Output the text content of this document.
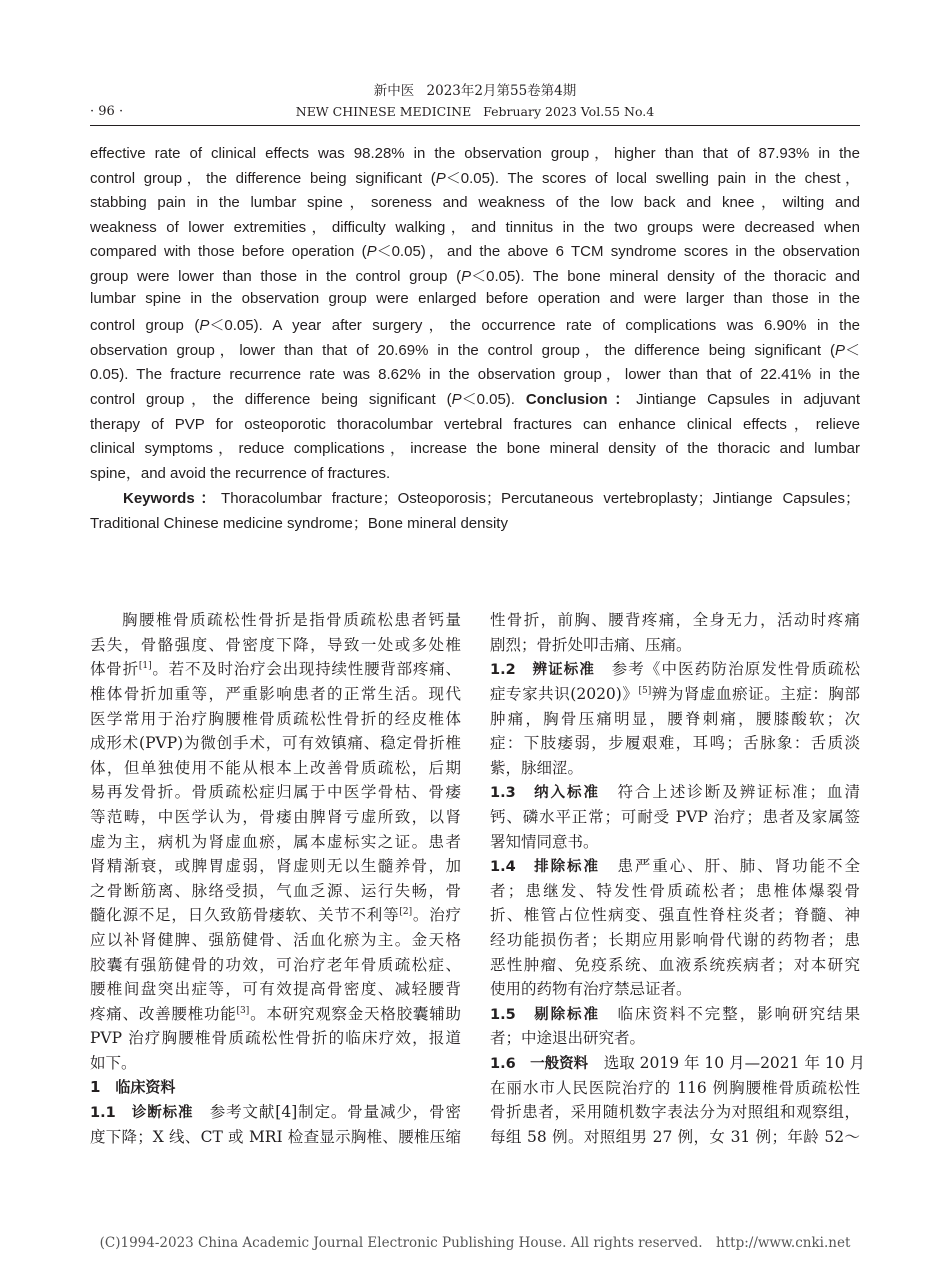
新中医 2023年2月第55卷第4期
· 96 ·	NEW CHINESE MEDICINE February 2023 Vol.55 No.4
effective rate of clinical effects was 98.28% in the observation group，higher than that of 87.93% in the
control group，the difference being significant (P＜0.05). The scores of local swelling pain in the chest，
stabbing pain in the lumbar spine，soreness and weakness of the low back and knee，wilting and
weakness of lower extremities，difficulty walking，and tinnitus in the two groups were decreased when
compared with those before operation (P＜0.05)，and the above 6 TCM syndrome scores in the observation
group were lower than those in the control group (P＜0.05). The bone mineral density of the thoracic and
lumbar spine in the observation group were enlarged before operation and were larger than those in the
control group (P＜0.05). A year after surgery，the occurrence rate of complications was 6.90% in the
observation group，lower than that of 20.69% in the control group，the difference being significant (P＜
0.05). The fracture recurrence rate was 8.62% in the observation group，lower than that of 22.41% in the
control group，the difference being significant (P＜0.05). Conclusion：Jintiange Capsules in adjuvant
therapy of PVP for osteoporotic thoracolumbar vertebral fractures can enhance clinical effects，relieve
clinical symptoms，reduce complications，increase the bone mineral density of the thoracic and lumbar
spine，and avoid the recurrence of fractures.
Keywords：Thoracolumbar fracture；Osteoporosis；Percutaneous vertebroplasty；Jintiange Capsules；
Traditional Chinese medicine syndrome；Bone mineral density
胸腰椎骨质疏松性骨折是指骨质疏松患者钙量
丢失，骨骼强度、骨密度下降，导致一处或多处椎
体骨折[1]。若不及时治疗会出现持续性腰背部疼痛、
椎体骨折加重等，严重影响患者的正常生活。现代
医学常用于治疗胸腰椎骨质疏松性骨折的经皮椎体
成形术(PVP)为微创手术，可有效镇痛、稳定骨折椎
体，但单独使用不能从根本上改善骨质疏松，后期
易再发骨折。骨质疏松症归属于中医学骨枯、骨痿
等范畴，中医学认为，骨痿由脾肾亏虚所致，以肾
虚为主，病机为肾虚血瘀，属本虚标实之证。患者
肾精渐衰，或脾胃虚弱，肾虚则无以生髓养骨，加
之骨断筋离、脉络受损，气血乏源、运行失畅，骨
髓化源不足，日久致筋骨痿软、关节不利等[2]。治疗
应以补肾健脾、强筋健骨、活血化瘀为主。金天格
胶囊有强筋健骨的功效，可治疗老年骨质疏松症、
腰椎间盘突出症等，可有效提高骨密度、减轻腰背
疼痛、改善腰椎功能[3]。本研究观察金天格胶囊辅助
PVP 治疗胸腰椎骨质疏松性骨折的临床疗效，报道
如下。
1　临床资料
1.1　诊断标准　参考文献[4]制定。骨量减少，骨密
度下降；X 线、CT 或 MRI 检查显示胸椎、腰椎压缩
性骨折，前胸、腰背疼痛，全身无力，活动时疼痛
剧烈；骨折处叩击痛、压痛。
1.2　辨证标准　参考《中医药防治原发性骨质疏松
症专家共识(2020)》[5]辨为肾虚血瘀证。主症：胸部
肿痛，胸骨压痛明显，腰脊刺痛，腰膝酸软；次
症：下肢痿弱，步履艰难，耳鸣；舌脉象：舌质淡
紫，脉细涩。
1.3　纳入标准　符合上述诊断及辨证标准；血清
钙、磷水平正常；可耐受 PVP 治疗；患者及家属签
署知情同意书。
1.4　排除标准　患严重心、肝、肺、肾功能不全
者；患继发、特发性骨质疏松者；患椎体爆裂骨
折、椎管占位性病变、强直性脊柱炎者；脊髓、神
经功能损伤者；长期应用影响骨代谢的药物者；患
恶性肿瘤、免疫系统、血液系统疾病者；对本研究
使用的药物有治疗禁忌证者。
1.5　剔除标准　临床资料不完整，影响研究结果
者；中途退出研究者。
1.6　一般资料　选取 2019 年 10 月—2021 年 10 月
在丽水市人民医院治疗的 116 例胸腰椎骨质疏松性
骨折患者，采用随机数字表法分为对照组和观察组，
每组 58 例。对照组男 27 例，女 31 例；年龄 52～
(C)1994-2023 China Academic Journal Electronic Publishing House. All rights reserved.　http://www.cnki.net
